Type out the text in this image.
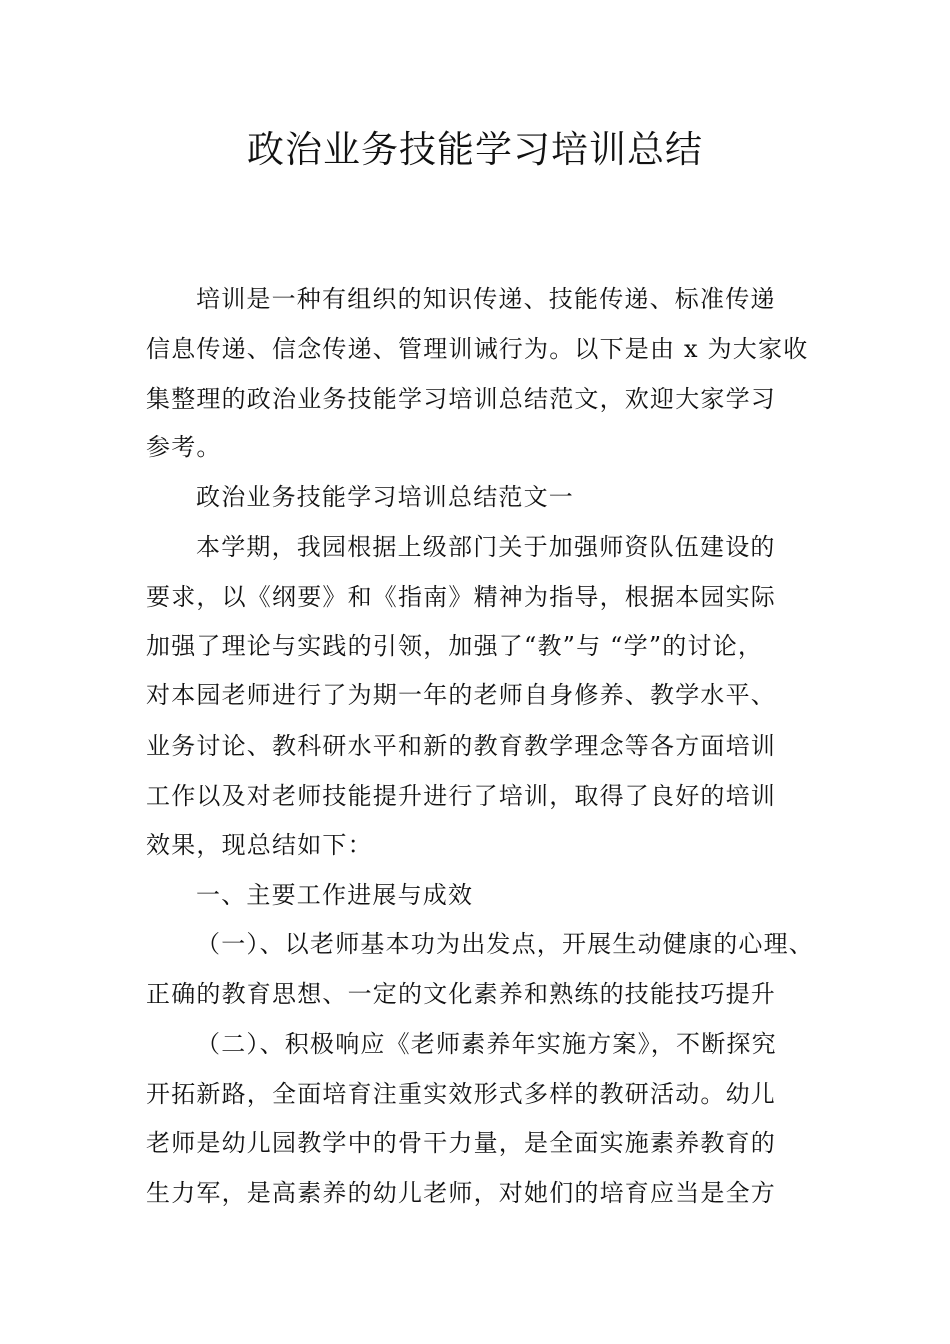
政治业务技能学习培训总结

培训是一种有组织的知识传递、技能传递、标准传递

信息传递、信念传递、管理训诫行为。以下是由 x 为大家收

集整理的政治业务技能学习培训总结范文，欢迎大家学习

参考。

政治业务技能学习培训总结范文一

本学期，我园根据上级部门关于加强师资队伍建设的

要求，以《纲要》和《指南》精神为指导，根据本园实际

加强了理论与实践的引领，加强了“教”与 “学”的讨论，

对本园老师进行了为期一年的老师自身修养、教学水平、

业务讨论、教科研水平和新的教育教学理念等各方面培训

工作以及对老师技能提升进行了培训，取得了良好的培训

效果，现总结如下：

一、主要工作进展与成效

（一）、以老师基本功为出发点，开展生动健康的心理、

正确的教育思想、一定的文化素养和熟练的技能技巧提升

（二）、积极响应《老师素养年实施方案》，不断探究

开拓新路，全面培育注重实效形式多样的教研活动。幼儿

老师是幼儿园教学中的骨干力量，是全面实施素养教育的

生力军，是高素养的幼儿老师，对她们的培育应当是全方
